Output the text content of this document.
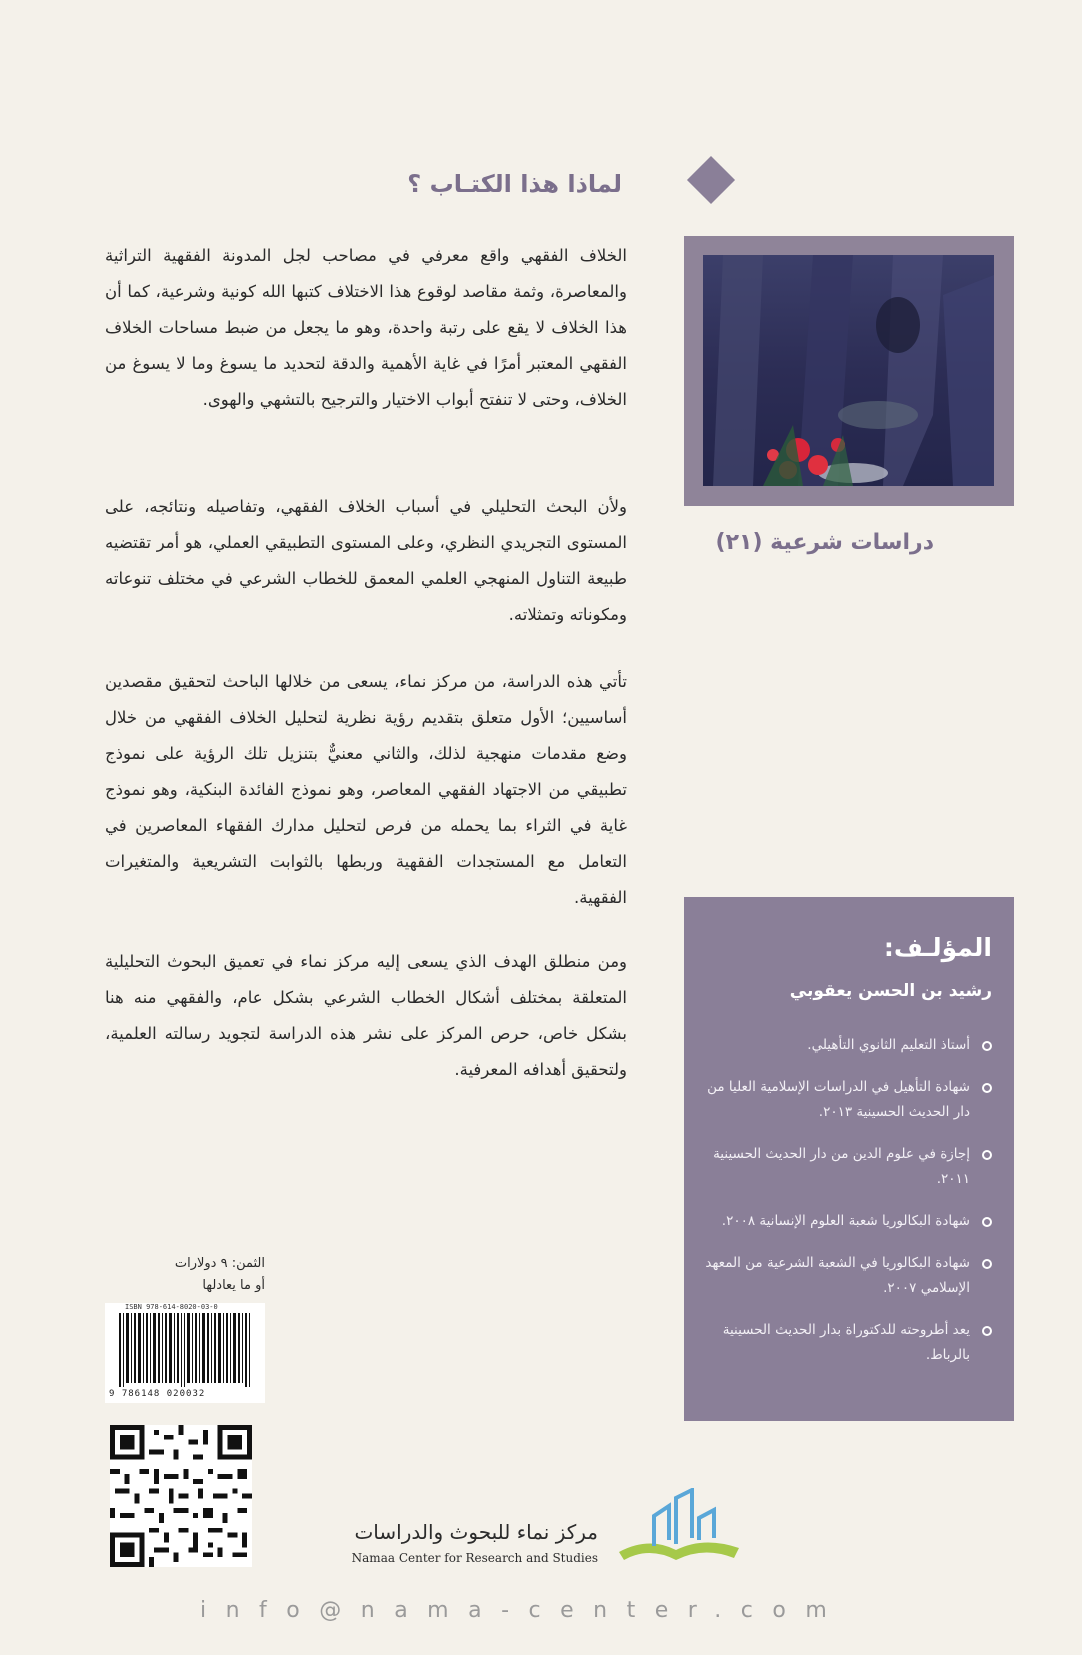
لماذا هذا الكتـاب ؟
الخلاف الفقهي واقع معرفي في مصاحب لجل المدونة الفقهية التراثية والمعاصرة، وثمة مقاصد لوقوع هذا الاختلاف كتبها الله كونية وشرعية، كما أن هذا الخلاف لا يقع على رتبة واحدة، وهو ما يجعل من ضبط مساحات الخلاف الفقهي المعتبر أمرًا في غاية الأهمية والدقة لتحديد ما يسوغ وما لا يسوغ من الخلاف، وحتى لا تنفتح أبواب الاختيار والترجيح بالتشهي والهوى.
ولأن البحث التحليلي في أسباب الخلاف الفقهي، وتفاصيله ونتائجه، على المستوى التجريدي النظري، وعلى المستوى التطبيقي العملي، هو أمر تقتضيه طبيعة التناول المنهجي العلمي المعمق للخطاب الشرعي في مختلف تنوعاته ومكوناته وتمثلاته.
تأتي هذه الدراسة، من مركز نماء، يسعى من خلالها الباحث لتحقيق مقصدين أساسيين؛ الأول متعلق بتقديم رؤية نظرية لتحليل الخلاف الفقهي من خلال وضع مقدمات منهجية لذلك، والثاني معنيٌّ بتنزيل تلك الرؤية على نموذج تطبيقي من الاجتهاد الفقهي المعاصر، وهو نموذج الفائدة البنكية، وهو نموذج غاية في الثراء بما يحمله من فرص لتحليل مدارك الفقهاء المعاصرين في التعامل مع المستجدات الفقهية وربطها بالثوابت التشريعية والمتغيرات الفقهية.
ومن منطلق الهدف الذي يسعى إليه مركز نماء في تعميق البحوث التحليلية المتعلقة بمختلف أشكال الخطاب الشرعي بشكل عام، والفقهي منه هنا بشكل خاص، حرص المركز على نشر هذه الدراسة لتجويد رسالته العلمية، ولتحقيق أهدافه المعرفية.
دراسات شرعية (٢١)
المؤلـف:
رشيد بن الحسن يعقوبي
أستاذ التعليم الثانوي التأهيلي.
شهادة التأهيل في الدراسات الإسلامية العليا من دار الحديث الحسينية ٢٠١٣.
إجازة في علوم الدين من دار الحديث الحسينية ٢٠١١.
شهادة البكالوريا شعبة العلوم الإنسانية ٢٠٠٨.
شهادة البكالوريا في الشعبة الشرعية من المعهد الإسلامي ٢٠٠٧.
يعد أطروحته للدكتوراة بدار الحديث الحسينية بالرباط.
الثمن: ٩ دولارات
أو ما يعادلها
ISBN 978-614-8020-03-0
9 786148 020032
مركز نماء للبحوث والدراسات
Namaa Center for Research and Studies
info@nama-center.com
